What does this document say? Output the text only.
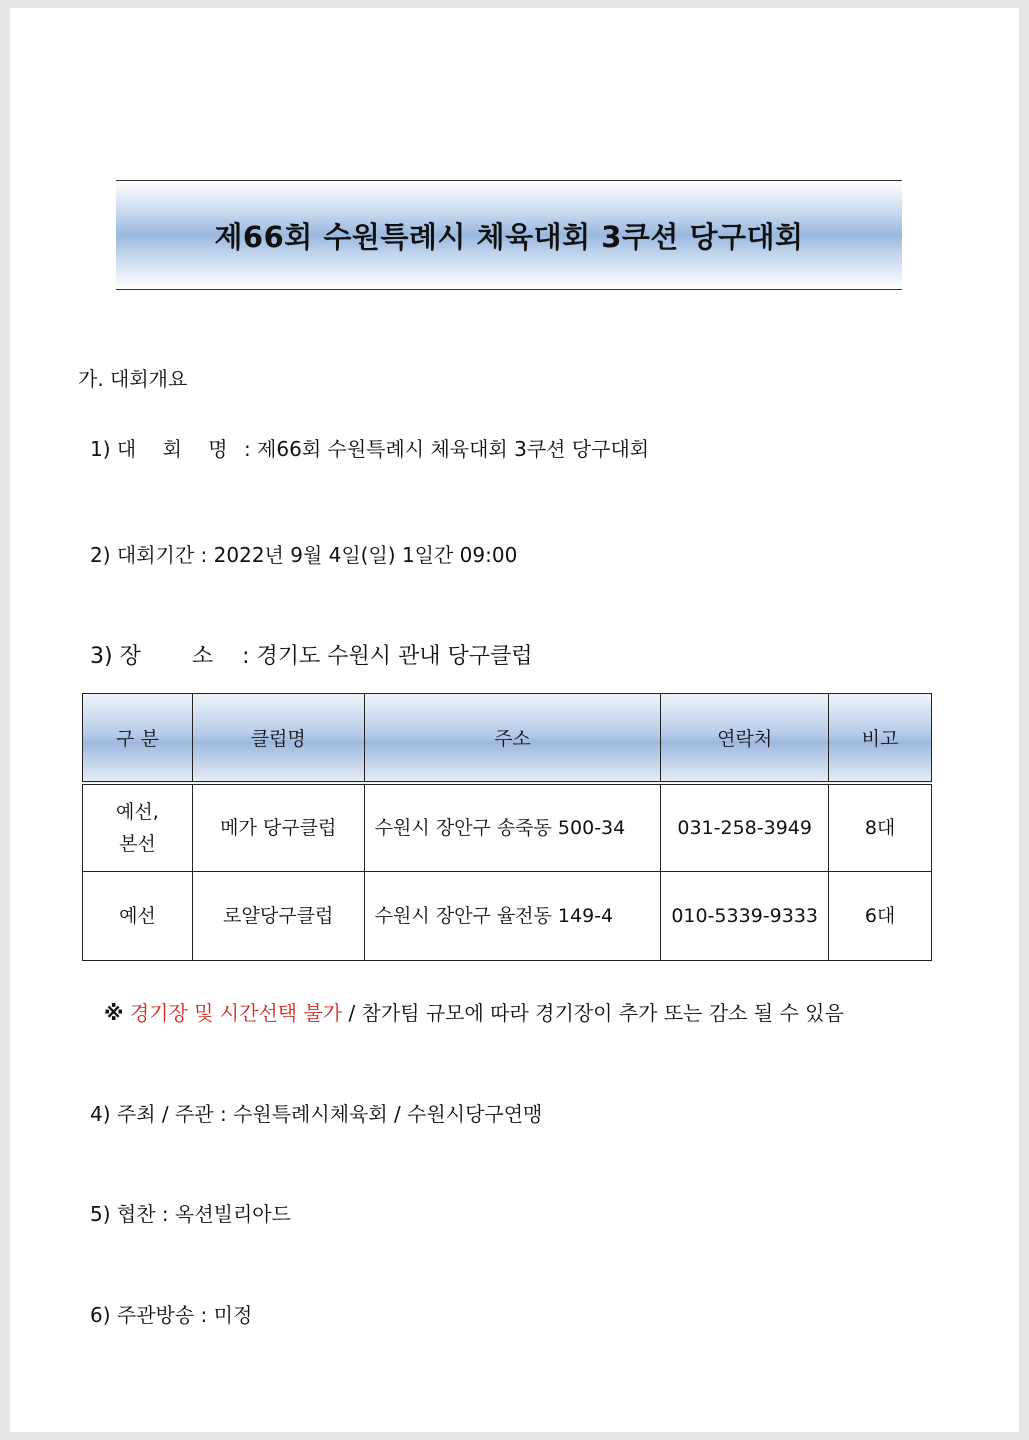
제66회 수원특례시 체육대회 3쿠션 당구대회
가. 대회개요
1) 대 회 명 : 제66회 수원특례시 체육대회 3쿠션 당구대회
2) 대회기간 : 2022년 9월 4일(일) 1일간 09:00
3) 장 소 : 경기도 수원시 관내 당구클럽
구 분	클럽명	주소	연락처	비고

예선,
본선	메가 당구클럽	수원시 장안구 송죽동 500-34	031-258-3949	8대

예선	로얄당구클럽	수원시 장안구 율전동 149-4	010-5339-9333	6대
※ 경기장 및 시간선택 불가 / 참가팀 규모에 따라 경기장이 추가 또는 감소 될 수 있음
4) 주최 / 주관 : 수원특례시체육회 / 수원시당구연맹
5) 협찬 : 옥션빌리아드
6) 주관방송 : 미정
